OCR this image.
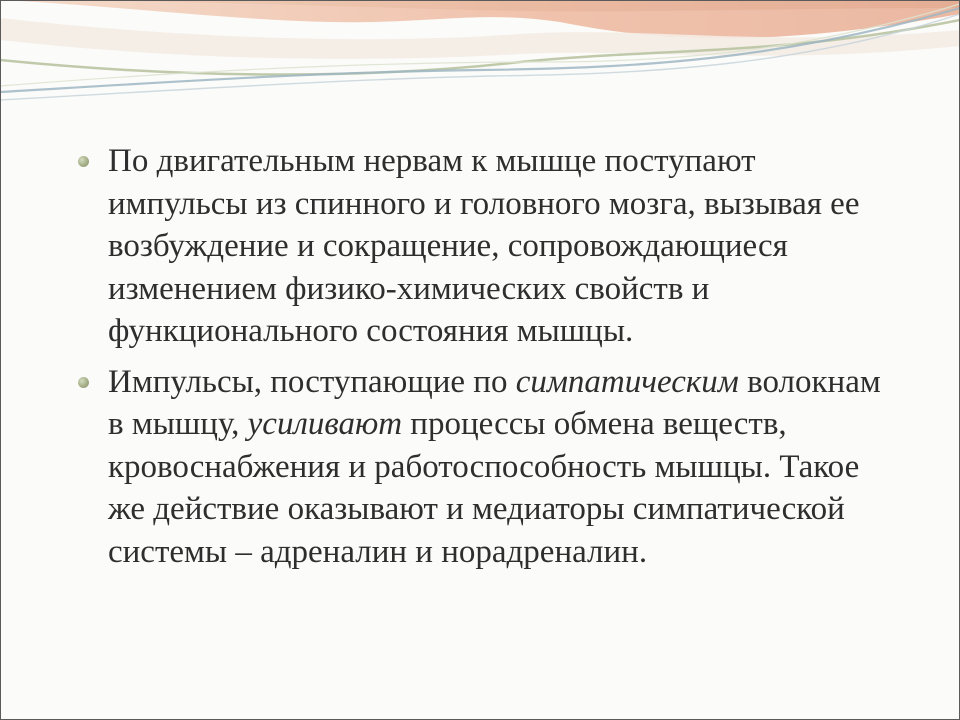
По двигательным нервам к мышце поступают импульсы из спинного и головного мозга, вызывая ее возбуждение и сокращение, сопровождающиеся изменением физико-химических свойств и функционального состояния мышцы.
Импульсы, поступающие по симпатическим волокнам в мышцу, усиливают процессы обмена веществ, кровоснабжения и работоспособность мышцы. Такое же действие оказывают и медиаторы симпатической системы – адреналин и норадреналин.
